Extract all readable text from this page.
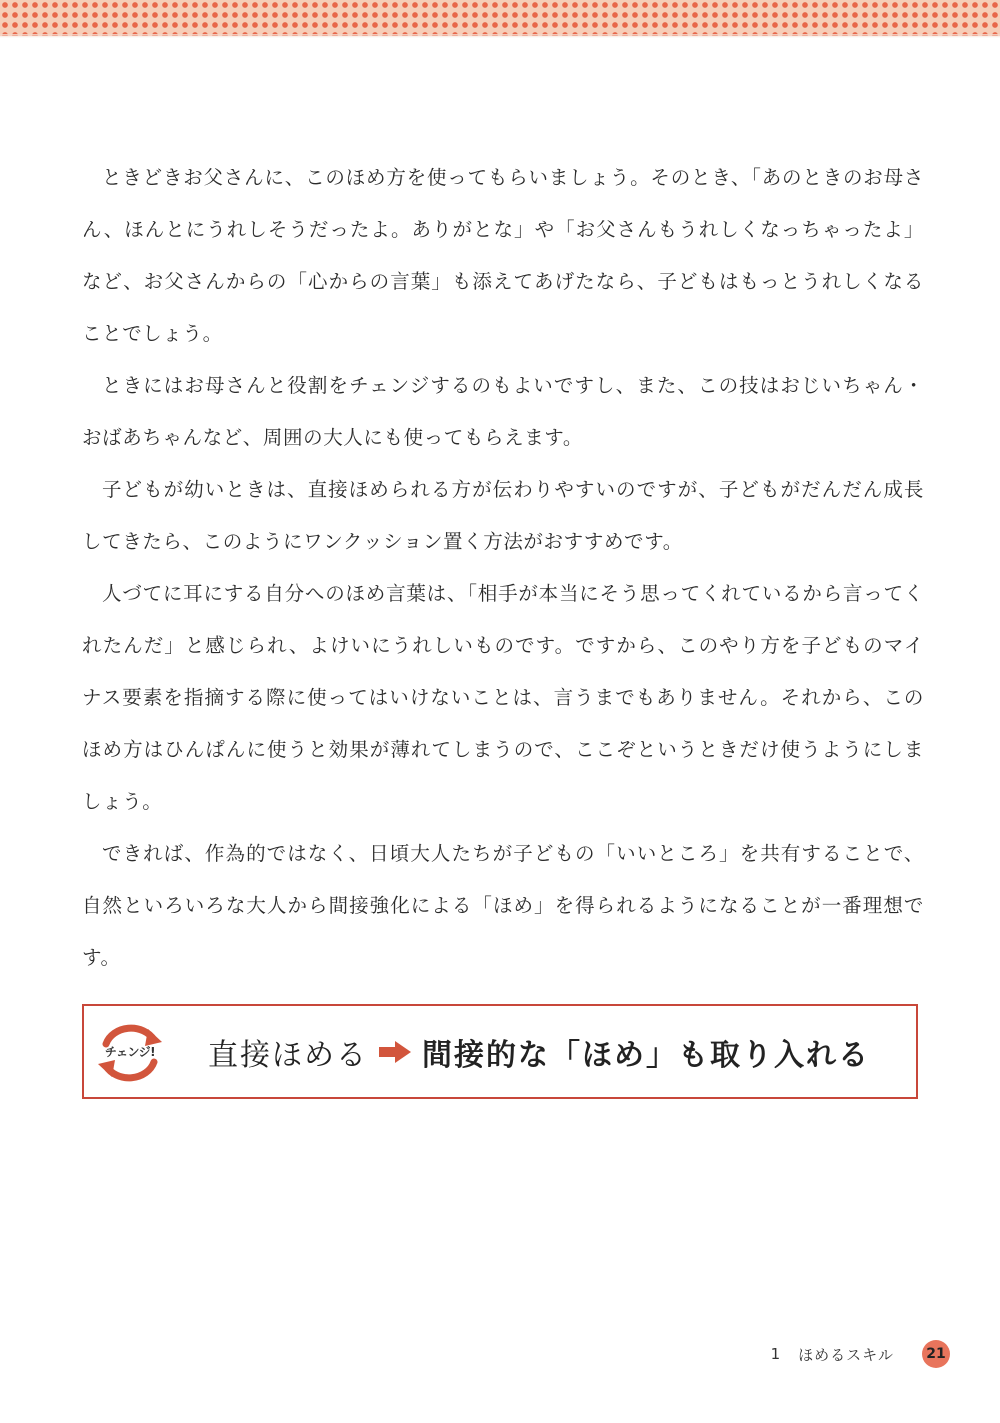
ときどきお父さんに、このほめ方を使ってもらいましょう。そのとき、「あのときのお母さん、ほんとにうれしそうだったよ。ありがとな」や「お父さんもうれしくなっちゃったよ」など、お父さんからの「心からの言葉」も添えてあげたなら、子どもはもっとうれしくなることでしょう。

ときにはお母さんと役割をチェンジするのもよいですし、また、この技はおじいちゃん・おばあちゃんなど、周囲の大人にも使ってもらえます。

子どもが幼いときは、直接ほめられる方が伝わりやすいのですが、子どもがだんだん成長してきたら、このようにワンクッション置く方法がおすすめです。

人づてに耳にする自分へのほめ言葉は、「相手が本当にそう思ってくれているから言ってくれたんだ」と感じられ、よけいにうれしいものです。ですから、このやり方を子どものマイナス要素を指摘する際に使ってはいけないことは、言うまでもありません。それから、このほめ方はひんぱんに使うと効果が薄れてしまうので、ここぞというときだけ使うようにしましょう。

できれば、作為的ではなく、日頃大人たちが子どもの「いいところ」を共有することで、自然といろいろな大人から間接強化による「ほめ」を得られるようになることが一番理想です。

チェンジ!	直接ほめる 間接的な「ほめ」も取り入れる
1 ほめるスキル	21
